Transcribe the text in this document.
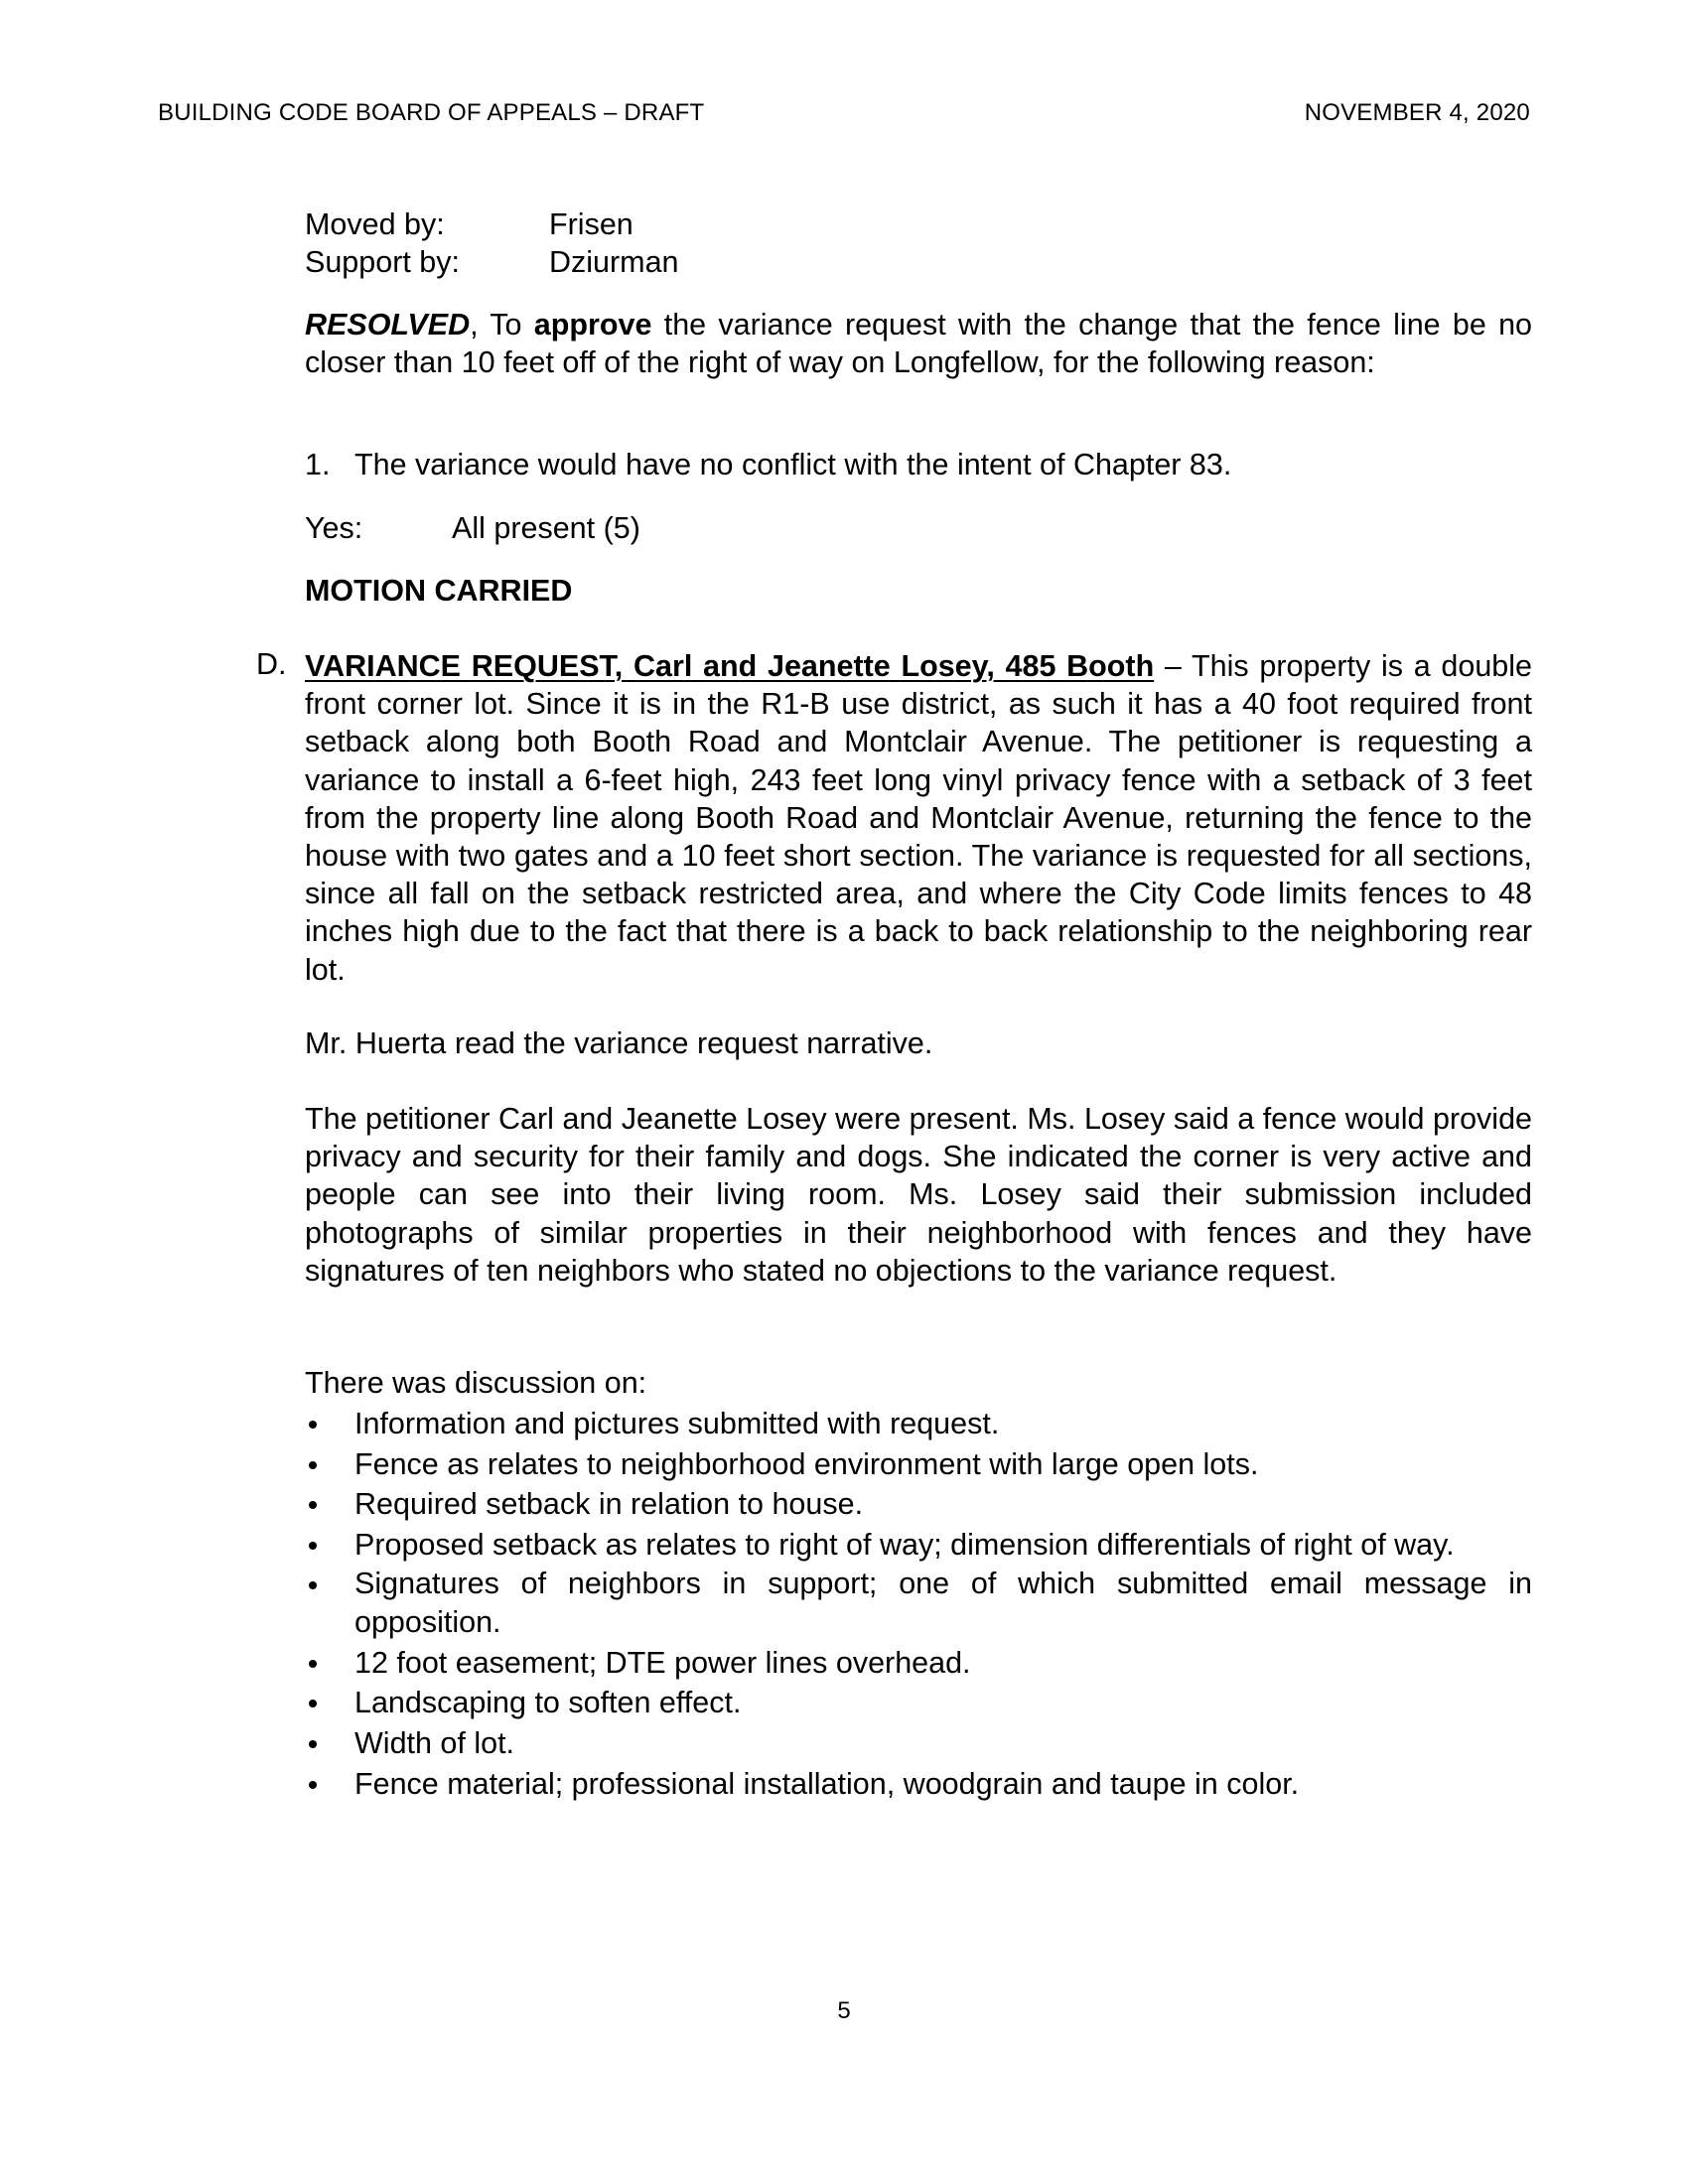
BUILDING CODE BOARD OF APPEALS – DRAFT	NOVEMBER 4, 2020
Moved by:	Frisen
Support by:	Dziurman
RESOLVED, To approve the variance request with the change that the fence line be no closer than 10 feet off of the right of way on Longfellow, for the following reason:
1. The variance would have no conflict with the intent of Chapter 83.
Yes:	All present (5)
MOTION CARRIED
D. VARIANCE REQUEST, Carl and Jeanette Losey, 485 Booth – This property is a double front corner lot. Since it is in the R1-B use district, as such it has a 40 foot required front setback along both Booth Road and Montclair Avenue. The petitioner is requesting a variance to install a 6-feet high, 243 feet long vinyl privacy fence with a setback of 3 feet from the property line along Booth Road and Montclair Avenue, returning the fence to the house with two gates and a 10 feet short section. The variance is requested for all sections, since all fall on the setback restricted area, and where the City Code limits fences to 48 inches high due to the fact that there is a back to back relationship to the neighboring rear lot.
Mr. Huerta read the variance request narrative.
The petitioner Carl and Jeanette Losey were present. Ms. Losey said a fence would provide privacy and security for their family and dogs. She indicated the corner is very active and people can see into their living room. Ms. Losey said their submission included photographs of similar properties in their neighborhood with fences and they have signatures of ten neighbors who stated no objections to the variance request.
There was discussion on:
Information and pictures submitted with request.
Fence as relates to neighborhood environment with large open lots.
Required setback in relation to house.
Proposed setback as relates to right of way; dimension differentials of right of way.
Signatures of neighbors in support; one of which submitted email message in opposition.
12 foot easement; DTE power lines overhead.
Landscaping to soften effect.
Width of lot.
Fence material; professional installation, woodgrain and taupe in color.
5
